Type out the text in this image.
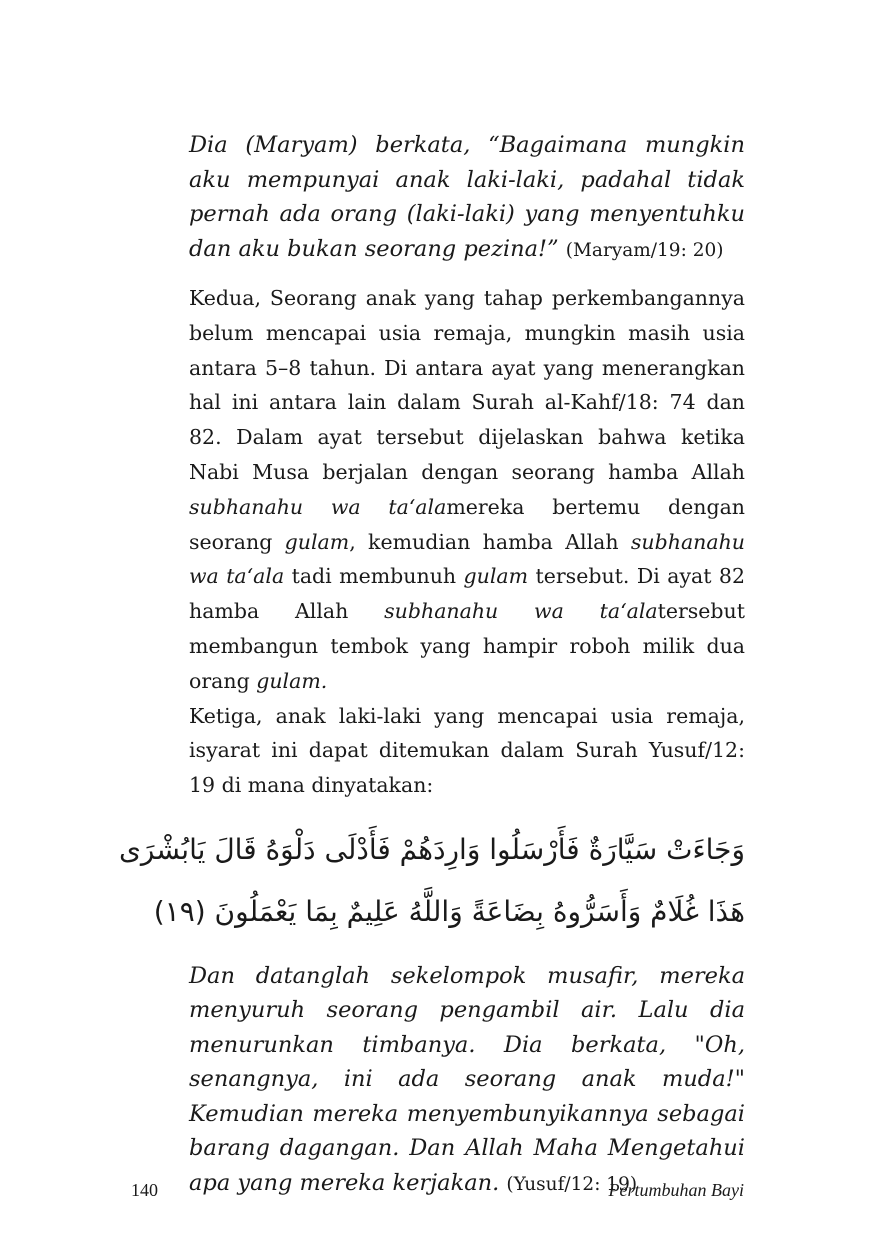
Dia (Maryam) berkata, “Bagaimana mungkin aku mempunyai anak laki-laki, padahal tidak pernah ada orang (laki-laki) yang menyentuhku dan aku bukan seorang pezina!” (Maryam/19: 20)

Kedua, Seorang anak yang tahap perkembangannya belum mencapai usia remaja, mungkin masih usia antara 5–8 tahun. Di antara ayat yang menerangkan hal ini antara lain dalam Surah al-Kahf/18: 74 dan 82. Dalam ayat tersebut dijelaskan bahwa ketika Nabi Musa berjalan dengan seorang hamba Allah subhanahu wa ta‘alamereka bertemu dengan seorang gulam, kemudian hamba Allah subhanahu wa ta‘ala tadi membunuh gulam tersebut. Di ayat 82 hamba Allah subhanahu wa ta‘alatersebut membangun tembok yang hampir roboh milik dua orang gulam.

Ketiga, anak laki-laki yang mencapai usia remaja, isyarat ini dapat ditemukan dalam Surah Yusuf/12: 19 di mana dinyatakan:

وَجَاءَتْ سَيَّارَةٌ فَأَرْسَلُوا وَارِدَهُمْ فَأَدْلَى دَلْوَهُ قَالَ يَابُشْرَى
هَذَا غُلَامٌ وَأَسَرُّوهُ بِضَاعَةً وَاللَّهُ عَلِيمٌ بِمَا يَعْمَلُونَ (١٩)

Dan datanglah sekelompok musafir, mereka menyuruh seorang pengambil air. Lalu dia menurunkan timbanya. Dia berkata, "Oh, senangnya, ini ada seorang anak muda!" Kemudian mereka menyembunyikannya sebagai barang dagangan. Dan Allah Maha Mengetahui apa yang mereka kerjakan. (Yusuf/12: 19)

140	Pertumbuhan Bayi
